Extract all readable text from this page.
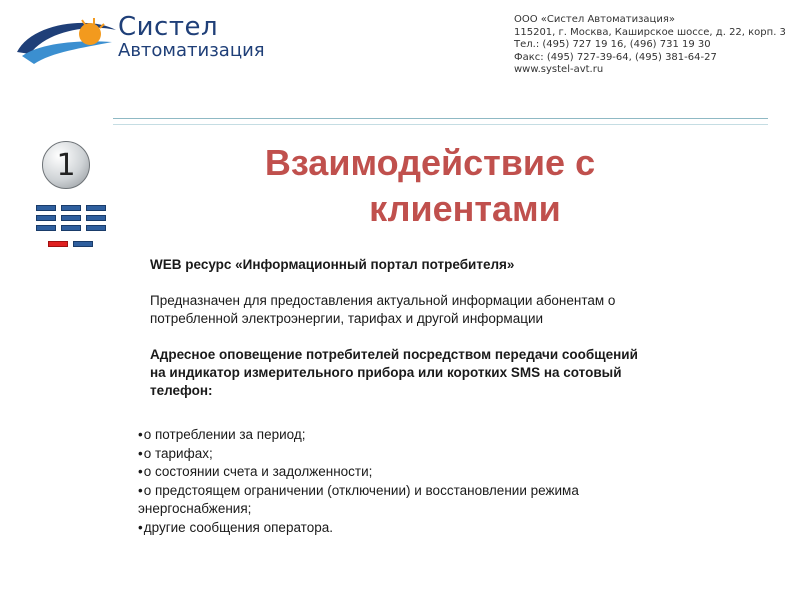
Систел
Автоматизация
ООО «Систел Автоматизация»
115201, г. Москва, Каширское шоссе, д. 22, корп. 3
Тел.: (495) 727 19 16, (496) 731 19 30
Факс: (495) 727-39-64, (495) 381-64-27
www.systel-avt.ru
1	Взаимодействие с
клиентами
WEB ресурс «Информационный портал потребителя»
Предназначен для предоставления актуальной информации абонентам о
потребленной электроэнергии, тарифах и другой информации
Адресное оповещение потребителей посредством передачи сообщений
на индикатор измерительного прибора или коротких SMS на сотовый
телефон:
• о потреблении за период;
• о тарифах;
• о состоянии счета и задолженности;
• о предстоящем ограничении (отключении) и восстановлении режима
энергоснабжения;
• другие сообщения оператора.
